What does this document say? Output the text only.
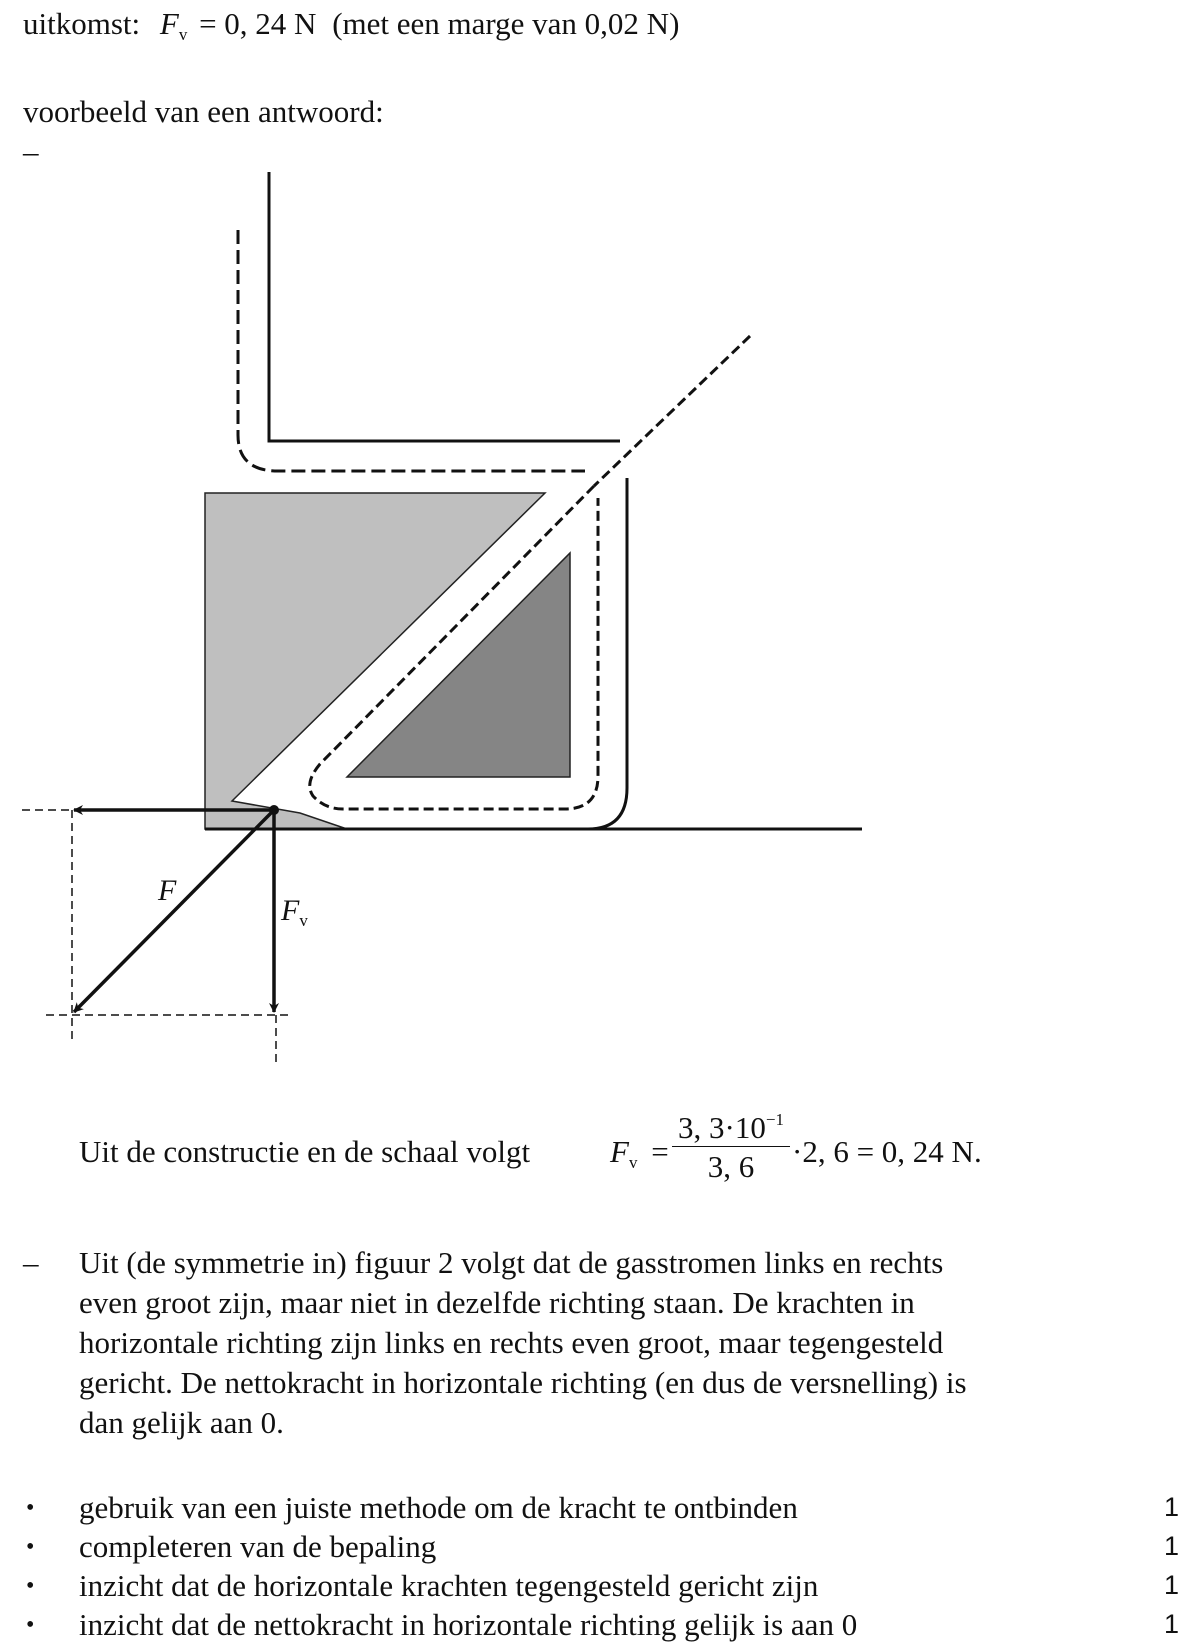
uitkomst: Fv = 0, 24 N (met een marge van 0,02 N)
voorbeeld van een antwoord:
–
F
$F_v$
Uit de constructie en de schaal volgt	Fv =
3, $3\cdot 10^{-1}$
3, 6	·2, 6 = 0, 24 N.
– Uit (de symmetrie in) figuur 2 volgt dat de gasstromen links en rechts
even groot zijn, maar niet in dezelfde richting staan. De krachten in
horizontale richting zijn links en rechts even groot, maar tegengesteld
gericht. De nettokracht in horizontale richting (en dus de versnelling) is
dan gelijk aan 0.
• gebruik van een juiste methode om de kracht te ontbinden	1
• completeren van de bepaling	1
• inzicht dat de horizontale krachten tegengesteld gericht zijn	1
• inzicht dat de nettokracht in horizontale richting gelijk is aan 0	1
